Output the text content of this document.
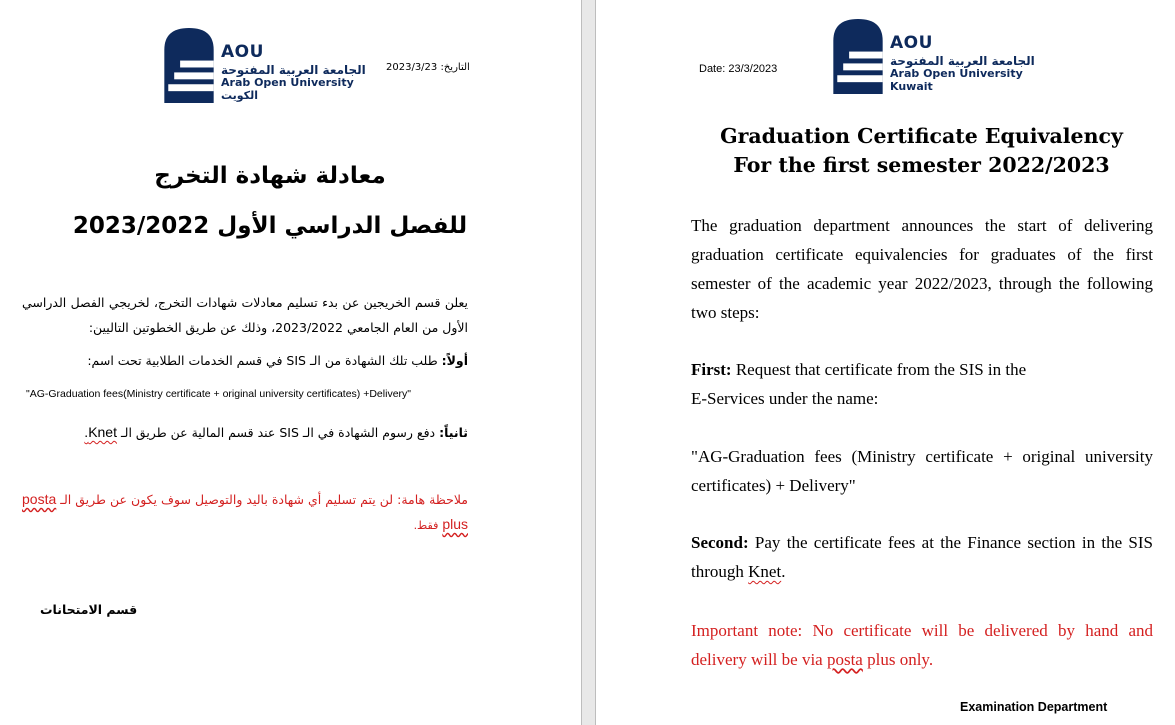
AOU
الجامعة العربية المفتوحة
Arab Open University
الكويت
التاريخ: 2023/3/23
معادلة شهادة التخرج
للفصل الدراسي الأول 2023/2022
يعلن قسم الخريجين عن بدء تسليم معادلات شهادات التخرج، لخريجي الفصل الدراسي الأول من العام الجامعي 2023/2022، وذلك عن طريق الخطوتين التاليين:
أولاً: طلب تلك الشهادة من الـ SIS في قسم الخدمات الطلابية تحت اسم:
"AG-Graduation fees(Ministry certificate + original university certificates) +Delivery"
ثانياً: دفع رسوم الشهادة في الـ SIS عند قسم المالية عن طريق الـ Knet.
ملاحظة هامة: لن يتم تسليم أي شهادة باليد والتوصيل سوف يكون عن طريق الـ posta plus فقط.
قسم الامتحانات
Date: 23/3/2023
AOU
الجامعة العربية المفتوحة
Arab Open University
Kuwait
Graduation Certificate Equivalency
For the first semester 2022/2023
The graduation department announces the start of delivering graduation certificate equivalencies for graduates of the first semester of the academic year 2022/2023, through the following two steps:
First: Request that certificate from the SIS in the
E-Services under the name:
"AG-Graduation fees (Ministry certificate + original university certificates) + Delivery"
Second: Pay the certificate fees at the Finance section in the SIS through Knet.
Important note: No certificate will be delivered by hand and delivery will be via posta plus only.
Examination Department
